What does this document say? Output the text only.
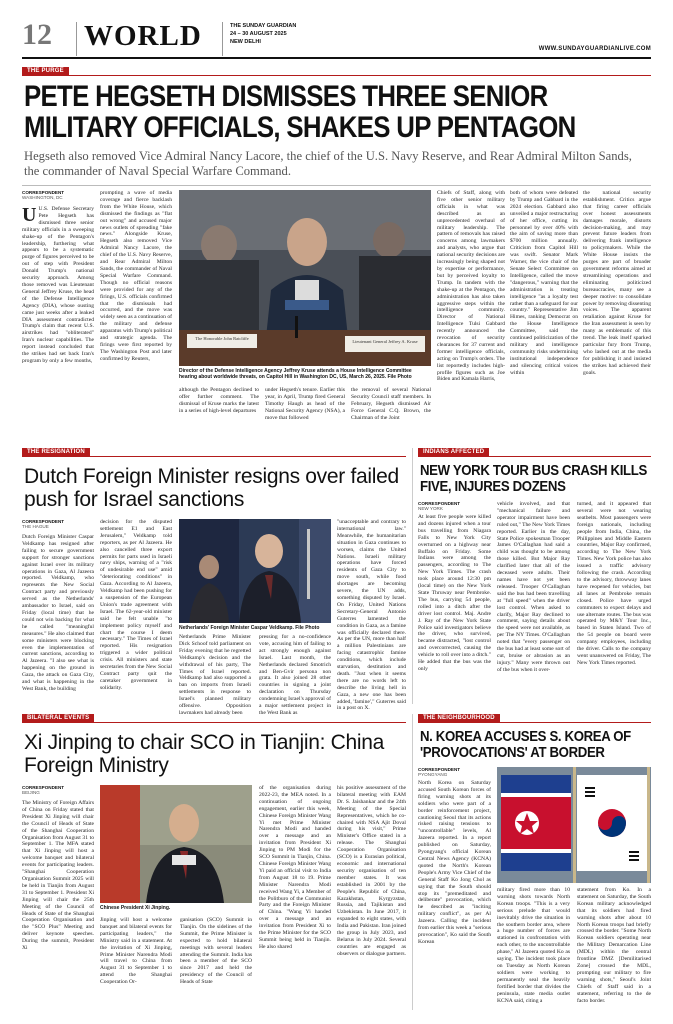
12 WORLD	THE SUNDAY GUARDIAN
24 – 30 AUGUST 2025
NEW DELHI
WWW.SUNDAYGUARDIANLIVE.COM
THE PURGE
PETE HEGSETH DISMISSES THREE SENIOR MILITARY OFFICIALS, SHAKES UP PENTAGON
Hegseth also removed Vice Admiral Nancy Lacore, the chief of the U.S. Navy Reserve, and Rear Admiral Milton Sands, the commander of Naval Special Warfare Command.
CORRESPONDENT
WASHINGTON, DC
U U.S. Defense Secretary Pete Hegseth has dismissed three senior military officials in a sweeping shake-up of the Pentagon's leadership, furthering what appears to be a systematic purge of figures perceived to be out of step with President Donald Trump's national security approach. Among those removed was Lieutenant General Jeffrey Kruse, the head of the Defense Intelligence Agency (DIA), whose ousting came just weeks after a leaked DIA assessment contradicted Trump's claim that recent U.S. airstrikes had "obliterated" Iran's nuclear capabilities. The report instead concluded that the strikes had set back Iran's program by only a few months,
prompting a wave of media coverage and fierce backlash from the White House, which dismissed the findings as "flat out wrong" and accused major news outlets of spreading "fake news." Alongside Kruse, Hegseth also removed Vice Admiral Nancy Lacore, the chief of the U.S. Navy Reserve, and Rear Admiral Milton Sands, the commander of Naval Special Warfare Command. Though no official reasons were provided for any of the firings, U.S. officials confirmed that the dismissals had occurred, and the move was widely seen as a continuation of the military and defense apparatus with Trump's political and strategic agenda. The firings were first reported by The Washington Post and later confirmed by Reuters,
The Honorable John Ratcliffe
Lieutenant General Jeffrey A. Kruse
Director of the Defense Intelligence Agency Jeffrey Kruse attends a House Intelligence Committee hearing about worldwide threats, on Capitol Hill in Washington DC, US, March 26, 2025. File Photo
although the Pentagon declined to offer further comment. The dismissal of Kruse marks the latest in a series of high-level departures
under Hegseth's tenure. Earlier this year, in April, Trump fired General Timothy Haugh as head of the National Security Agency (NSA), a move that followed
the removal of several National Security Council staff members. In February, Hegseth dismissed Air Force General C.Q. Brown, the Chairman of the Joint
Chiefs of Staff, along with five other senior military officials in what was described as an unprecedented overhaul of military leadership. The pattern of removals has raised concerns among lawmakers and analysts, who argue that national security decisions are increasingly being shaped not by expertise or performance, but by perceived loyalty to Trump. In tandem with the shake-up at the Pentagon, the administration has also taken aggressive steps within the intelligence community. Director of National Intelligence Tulsi Gabbard recently announced the revocation of security clearances for 37 current and former intelligence officials, acting on Trump's orders. The list reportedly includes high-profile figures such as Joe Biden and Kamala Harris,
both of whom were defeated by Trump and Gabbard in the 2024 election. Gabbard also unveiled a major restructuring of her office, cutting its personnel by over 40% with the aim of saving more than $700 million annually. Criticism from Capitol Hill was swift. Senator Mark Warner, the vice chair of the Senate Select Committee on Intelligence, called the move "dangerous," warning that the administration is treating intelligence "as a loyalty test rather than a safeguard for our country." Representative Jim Himes, ranking Democrat on the House Intelligence Committee, said the continued politicization of the military and intelligence community risks undermining institutional independence and silencing critical voices within
the national security establishment. Critics argue that firing career officials over honest assessments damages morale, distorts decision-making, and may prevent future leaders from delivering frank intelligence to policymakers. While the White House insists the purges are part of broader government reforms aimed at streamlining operations and eliminating politicized bureaucracies, many see a deeper motive: to consolidate power by removing dissenting voices. The apparent retaliation against Kruse for the Iran assessment is seen by many as emblematic of this trend. The leak itself sparked particular fury from Trump, who lashed out at the media for publishing it and insisted the strikes had achieved their goals.
THE RESIGNATION
Dutch Foreign Minister resigns over failed push for Israel sanctions
CORRESPONDENT
THE HAGUE
Dutch Foreign Minister Caspar Veldkamp has resigned after failing to secure government support for stronger sanctions against Israel over its military operations in Gaza, Al Jazeera reported. Veldkamp, who represents the New Social Contract party and previously served as the Netherlands' ambassador to Israel, said on Friday (local time) that he could not win backing for what he called "meaningful measures." He also claimed that some ministers were blocking even the implementation of current sanctions, according to Al Jazeera. "I also see what is happening on the ground in Gaza, the attack on Gaza City, and what is happening in the West Bank, the building
decision for the disputed settlement E1 and East Jerusalem," Veldkamp told reporters, as per Al Jazeera. He also cancelled three export permits for parts used in Israeli navy ships, warning of a "risk of undesirable end use" amid "deteriorating conditions" in Gaza. According to Al Jazeera, Veldkamp had been pushing for a suspension of the European Union's trade agreement with Israel. The 62-year-old minister said he felt unable "to implement policy myself and chart the course I deem necessary." The Times of Israel reported. His resignation triggered a wider political crisis. All ministers and state secretaries from the New Social Contract party quit the caretaker government in solidarity.
Netherlands' Foreign Minister Caspar Veldkamp. File Photo
Netherlands Prime Minister Dick Schoof told parliament on Friday evening that he regretted Veldkamp's decision and the withdrawal of his party, The Times of Israel reported. Veldkamp had also supported a ban on imports from Israeli settlements in response to Israel's planned military offensive. Opposition lawmakers had already been
pressing for a no-confidence vote, accusing him of failing to act strongly enough against Israel. Last month, the Netherlands declared Smotrich and Ben-Gvir persona non grata. It also joined 28 other countries in signing a joint declaration on Thursday condemning Israel's approval of a major settlement project in the West Bank as
"unacceptable and contrary to international law." Meanwhile, the humanitarian situation in Gaza continues to worsen, claims the United Nations. Israeli military operations have forced residents of Gaza City to move south, while food shortages are becoming severe, the UN adds, something disputed by Israel. On Friday, United Nations Secretary-General Antonio Guterres lamented the condition in Gaza, as a famine was officially declared there. As per the UN, more than half a million Palestinians are facing catastrophic famine conditions, which include starvation, destitution and death. "Just when it seems there are no words left to describe the living hell in Gaza, a new one has been added, 'famine'," Guterres said in a post on X.
INDIANS AFFECTED
NEW YORK TOUR BUS CRASH KILLS FIVE, INJURES DOZENS
CORRESPONDENT
NEW YORK
At least five people were killed and dozens injured when a tour bus travelling from Niagara Falls to New York City overturned on a highway near Buffalo on Friday. Some Indians were among the passengers, according to The New York Times. The crash took place around 12:30 pm (local time) on the New York State Thruway near Pembroke. The bus, carrying 54 people, rolled into a ditch after the driver lost control. Maj. Andre J. Ray of the New York State Police said investigators believe the driver, who survived, became distracted, "lost control and overcorrected, causing the vehicle to roll over into a ditch." He added that the bus was the only
vehicle involved, and that "mechanical failure and operator impairment have been ruled out," The New York Times reported. Earlier in the day, State Police spokesman Trooper James O'Callaghan had said a child was thought to be among those killed. But Major Ray clarified later that all of the deceased were adults. Their names have not yet been released. Trooper O'Callaghan said the bus had been travelling at "full speed" when the driver lost control. When asked to clarify, Major Ray declined to comment, saying details about the speed were not available, as per The NY Times. O'Callaghan noted that "every passenger on the bus had at least some sort of cut, bruise or abrasion as an injury." Many were thrown out of the bus when it over-
turned, and it appeared that several were not wearing seatbelts. Most passengers were foreign nationals, including people from India, China, the Philippines and Middle Eastern countries, Major Ray confirmed, according to The New York Times. New York police has also issued a traffic advisory following the crash. According to the advisory, throwway lanes have reopened for vehicles, but all lanes at Pembroke remain closed. Police have urged commuters to expect delays and use alternate routes. The bus was operated by M&Y Tour Inc., based in Staten Island. Two of the 54 people on board were company employees, including the driver. Calls to the company went unanswered on Friday, The New York Times reported.
BILATERAL EVENTS
Xi Jinping to chair SCO in Tianjin: China Foreign Ministry
CORRESPONDENT
BEIJING
The Ministry of Foreign Affairs of China on Friday stated that President Xi Jinping will chair the Council of Heads of State of the Shanghai Cooperation Organisation from August 31 to September 1. The MFA stated that Xi Jinping will host a welcome banquet and bilateral events for participating leaders. "Shanghai Cooperation Organisation Summit 2025 will be held in Tianjin from August 31 to September 1. President Xi Jinping will chair the 25th Meeting of the Council of Heads of State of the Shanghai Cooperation Organisation and the "SCO Plus" Meeting and deliver keynote speeches. During the summit, President Xi
Chinese President Xi Jinping.
Jinping will host a welcome banquet and bilateral events for participating leaders," the Ministry said in a statement. At the invitation of Xi Jinping, Prime Minister Narendra Modi will travel to China from August 31 to September 1 to attend the Shanghai Cooperation Or-
ganisation (SCO) Summit in Tianjin. On the sidelines of the Summit, the Prime Minister is expected to hold bilateral meetings with several leaders attending the Summit. India has been a member of the SCO since 2017 and held the presidency of the Council of Heads of State
of the organisation during 2022-23, the MEA noted. In a continuation of ongoing engagement, earlier this week, Chinese Foreign Minister Wang Yi met Prime Minister Narendra Modi and handed over a message and an invitation from President Xi Jinping to PM Modi for the SCO Summit in Tianjin, China. Chinese Foreign Minister Wang Yi paid an official visit to India from August 18 to 19. Prime Minister Narendra Modi received Wang Yi, a Member of the Politburo of the Communist Party and the Foreign Minister of China. "Wang Yi handed over a message and an invitation from President Xi to the Prime Minister for the SCO Summit being held in Tianjin. He also shared
his positive assessment of the bilateral meeting with EAM Dr. S. Jaishankar and the 24th Meeting of the Special Representatives, which he co-chaired with NSA Ajit Doval during his visit," Prime Minister's Office stated in a release. The Shanghai Cooperation Organisation (SCO) is a Eurasian political, economic and international security organisation of ten member states. It was established in 2001 by the People's Republic of China, Kazakhstan, Kyrgyzstan, Russia, and Tajikistan and Uzbekistan. In June 2017, it expanded to eight states, with India and Pakistan. Iran joined the group in July 2023, and Belarus in July 2024. Several countries are engaged as observers or dialogue partners.
THE NEIGHBOURHOOD
N. KOREA ACCUSES S. KOREA OF 'PROVOCATIONS' AT BORDER
CORRESPONDENT
PYONGYANG
North Korea on Saturday accused South Korean forces of firing warning shots at its soldiers who were part of a border reinforcement project, cautioning Seoul that its actions risked raising tensions to "uncontrollable" levels, Al Jazeera reported. In a report published on Saturday, Pyongyang's official Korean Central News Agency (KCNA) quoted the North's Korean People's Army Vice Chief of the General Staff Ko Jong Chol as saying that the South should stop its "premeditated and deliberate" provocation, which he described as "inciting military conflict", as per Al Jazeera. Calling the incident from earlier this week a "serious provocation", Ko said the South Korean
military fired more than 10 warning shots towards North Korean troops. "This is a very serious prelude that would inevitably drive the situation in the southern border area, where a huge number of forces are stationed in confrontation with each other, to the uncontrollable phase," Al Jazeera quoted Ko as saying. The incident took place on Tuesday as North Korean soldiers were working to permanently seal the heavily fortified border that divides the peninsula, state media outlet KCNA said, citing a
statement from Ko. In a statement on Saturday, the South Korean military acknowledged that its soldiers had fired warning shots after about 10 North Korean troops had briefly crossed the border. "Some North Korean soldiers operating near the Military Demarcation Line (MDL) within the central frontline DMZ [Demilitarised Zone] crossed the MDL, prompting our military to fire warning shots," Seoul's Joint Chiefs of Staff said in a statement, referring to the de facto border.
